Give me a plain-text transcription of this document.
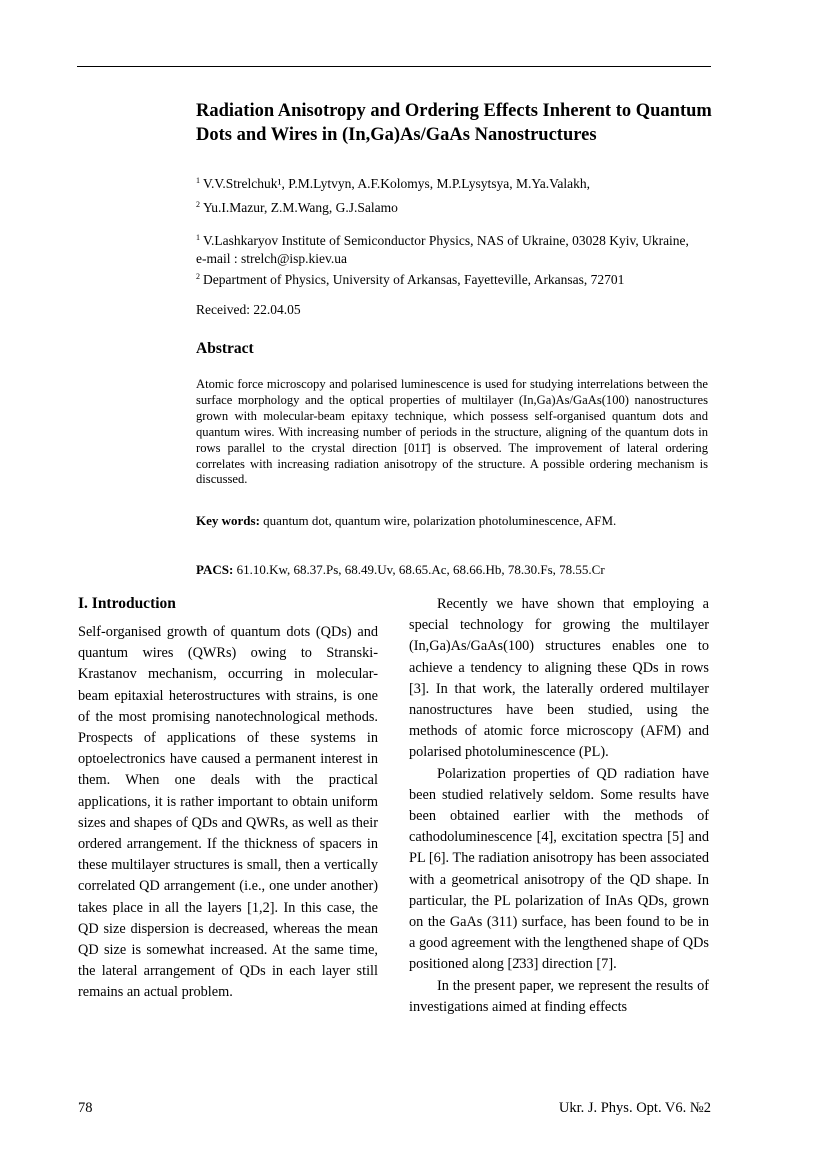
Radiation Anisotropy and Ordering Effects Inherent to Quantum Dots and Wires in (In,Ga)As/GaAs Nanostructures
$^1$ V.V.Strelchuk¹, P.M.Lytvyn, A.F.Kolomys, M.P.Lysytsya, M.Ya.Valakh,
$^2$ Yu.I.Mazur, Z.M.Wang, G.J.Salamo
$^1$ V.Lashkaryov Institute of Semiconductor Physics, NAS of Ukraine, 03028 Kyiv, Ukraine,
e-mail : strelch@isp.kiev.ua
$^2$ Department of Physics, University of Arkansas, Fayetteville, Arkansas, 72701
Received: 22.04.05
Abstract

Atomic force microscopy and polarised luminescence is used for studying interrelations between the surface morphology and the optical properties of multilayer (In,Ga)As/GaAs(100) nanostructures grown with molecular-beam epitaxy technique, which possess self-organised quantum dots and quantum wires. With increasing number of periods in the structure, aligning of the quantum dots in rows parallel to the crystal direction [011̄] is observed. The improvement of lateral ordering correlates with increasing radiation anisotropy of the structure. A possible ordering mechanism is discussed.

Key words: quantum dot, quantum wire, polarization photoluminescence, AFM.
PACS: 61.10.Kw, 68.37.Ps, 68.49.Uv, 68.65.Ac, 68.66.Hb, 78.30.Fs, 78.55.Cr
I. Introduction

Self-organised growth of quantum dots (QDs) and quantum wires (QWRs) owing to Stranski-Krastanov mechanism, occurring in molecular-beam epitaxial heterostructures with strains, is one of the most promising nanotechnological methods. Prospects of applications of these systems in optoelectronics have caused a permanent interest in them. When one deals with the practical applications, it is rather important to obtain uniform sizes and shapes of QDs and QWRs, as well as their ordered arrangement. If the thickness of spacers in these multilayer structures is small, then a vertically correlated QD arrangement (i.e., one under another) takes place in all the layers [1,2]. In this case, the QD size dispersion is decreased, whereas the mean QD size is somewhat increased. At the same time, the lateral arrangement of QDs in each layer still remains an actual problem.

Recently we have shown that employing a special technology for growing the multilayer (In,Ga)As/GaAs(100) structures enables one to achieve a tendency to aligning these QDs in rows [3]. In that work, the laterally ordered multilayer nanostructures have been studied, using the methods of atomic force microscopy (AFM) and polarised photoluminescence (PL).

Polarization properties of QD radiation have been studied relatively seldom. Some results have been obtained earlier with the methods of cathodoluminescence [4], excitation spectra [5] and PL [6]. The radiation anisotropy has been associated with a geometrical anisotropy of the QD shape. In particular, the PL polarization of InAs QDs, grown on the GaAs (311) surface, has been found to be in a good agreement with the lengthened shape of QDs positioned along [2̄33] direction [7].

In the present paper, we represent the results of investigations aimed at finding effects

78	Ukr. J. Phys. Opt. V6. №2
